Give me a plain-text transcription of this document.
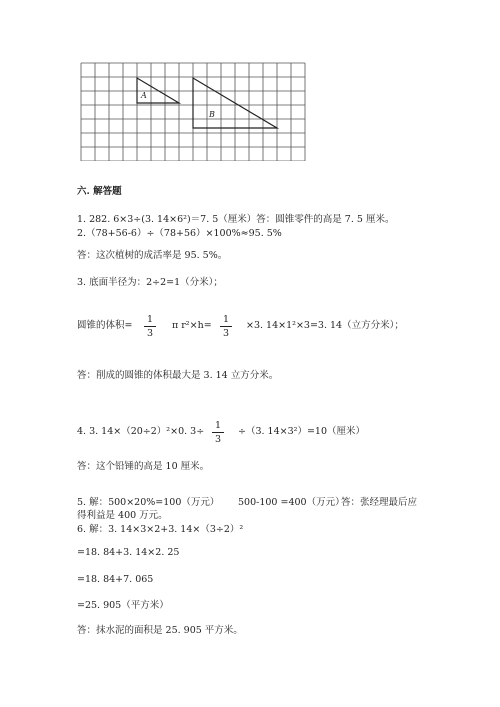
A
B
六. 解答题
1. 282. 6×3÷(3. 14×6²)＝7. 5（厘米）答：圆锥零件的高是 7. 5 厘米。
2.（78+56-6）÷（78+56）×100%≈95. 5%
答：这次植树的成活率是 95. 5%。
3. 底面半径为：2÷2=1（分米）；
圆锥的体积=
1
3
π r²×h=
1
3
×3. 14×1²×3=3. 14（立方分米）；
答：削成的圆锥的体积最大是 3. 14 立方分米。
4. 3. 14×（20÷2）²×0. 3÷
1
3
÷（3. 14×3²）=10（厘米）
答：这个铅锤的高是 10 厘米。
5. 解：500×20%=100（万元） 500-100 =400（万元）
答：张经理最后应
得利益是 400 万元。
6. 解：3. 14×3×2+3. 14×（3÷2）²
=18. 84+3. 14×2. 25
=18. 84+7. 065
=25. 905（平方米）
答：抹水泥的面积是 25. 905 平方米。
